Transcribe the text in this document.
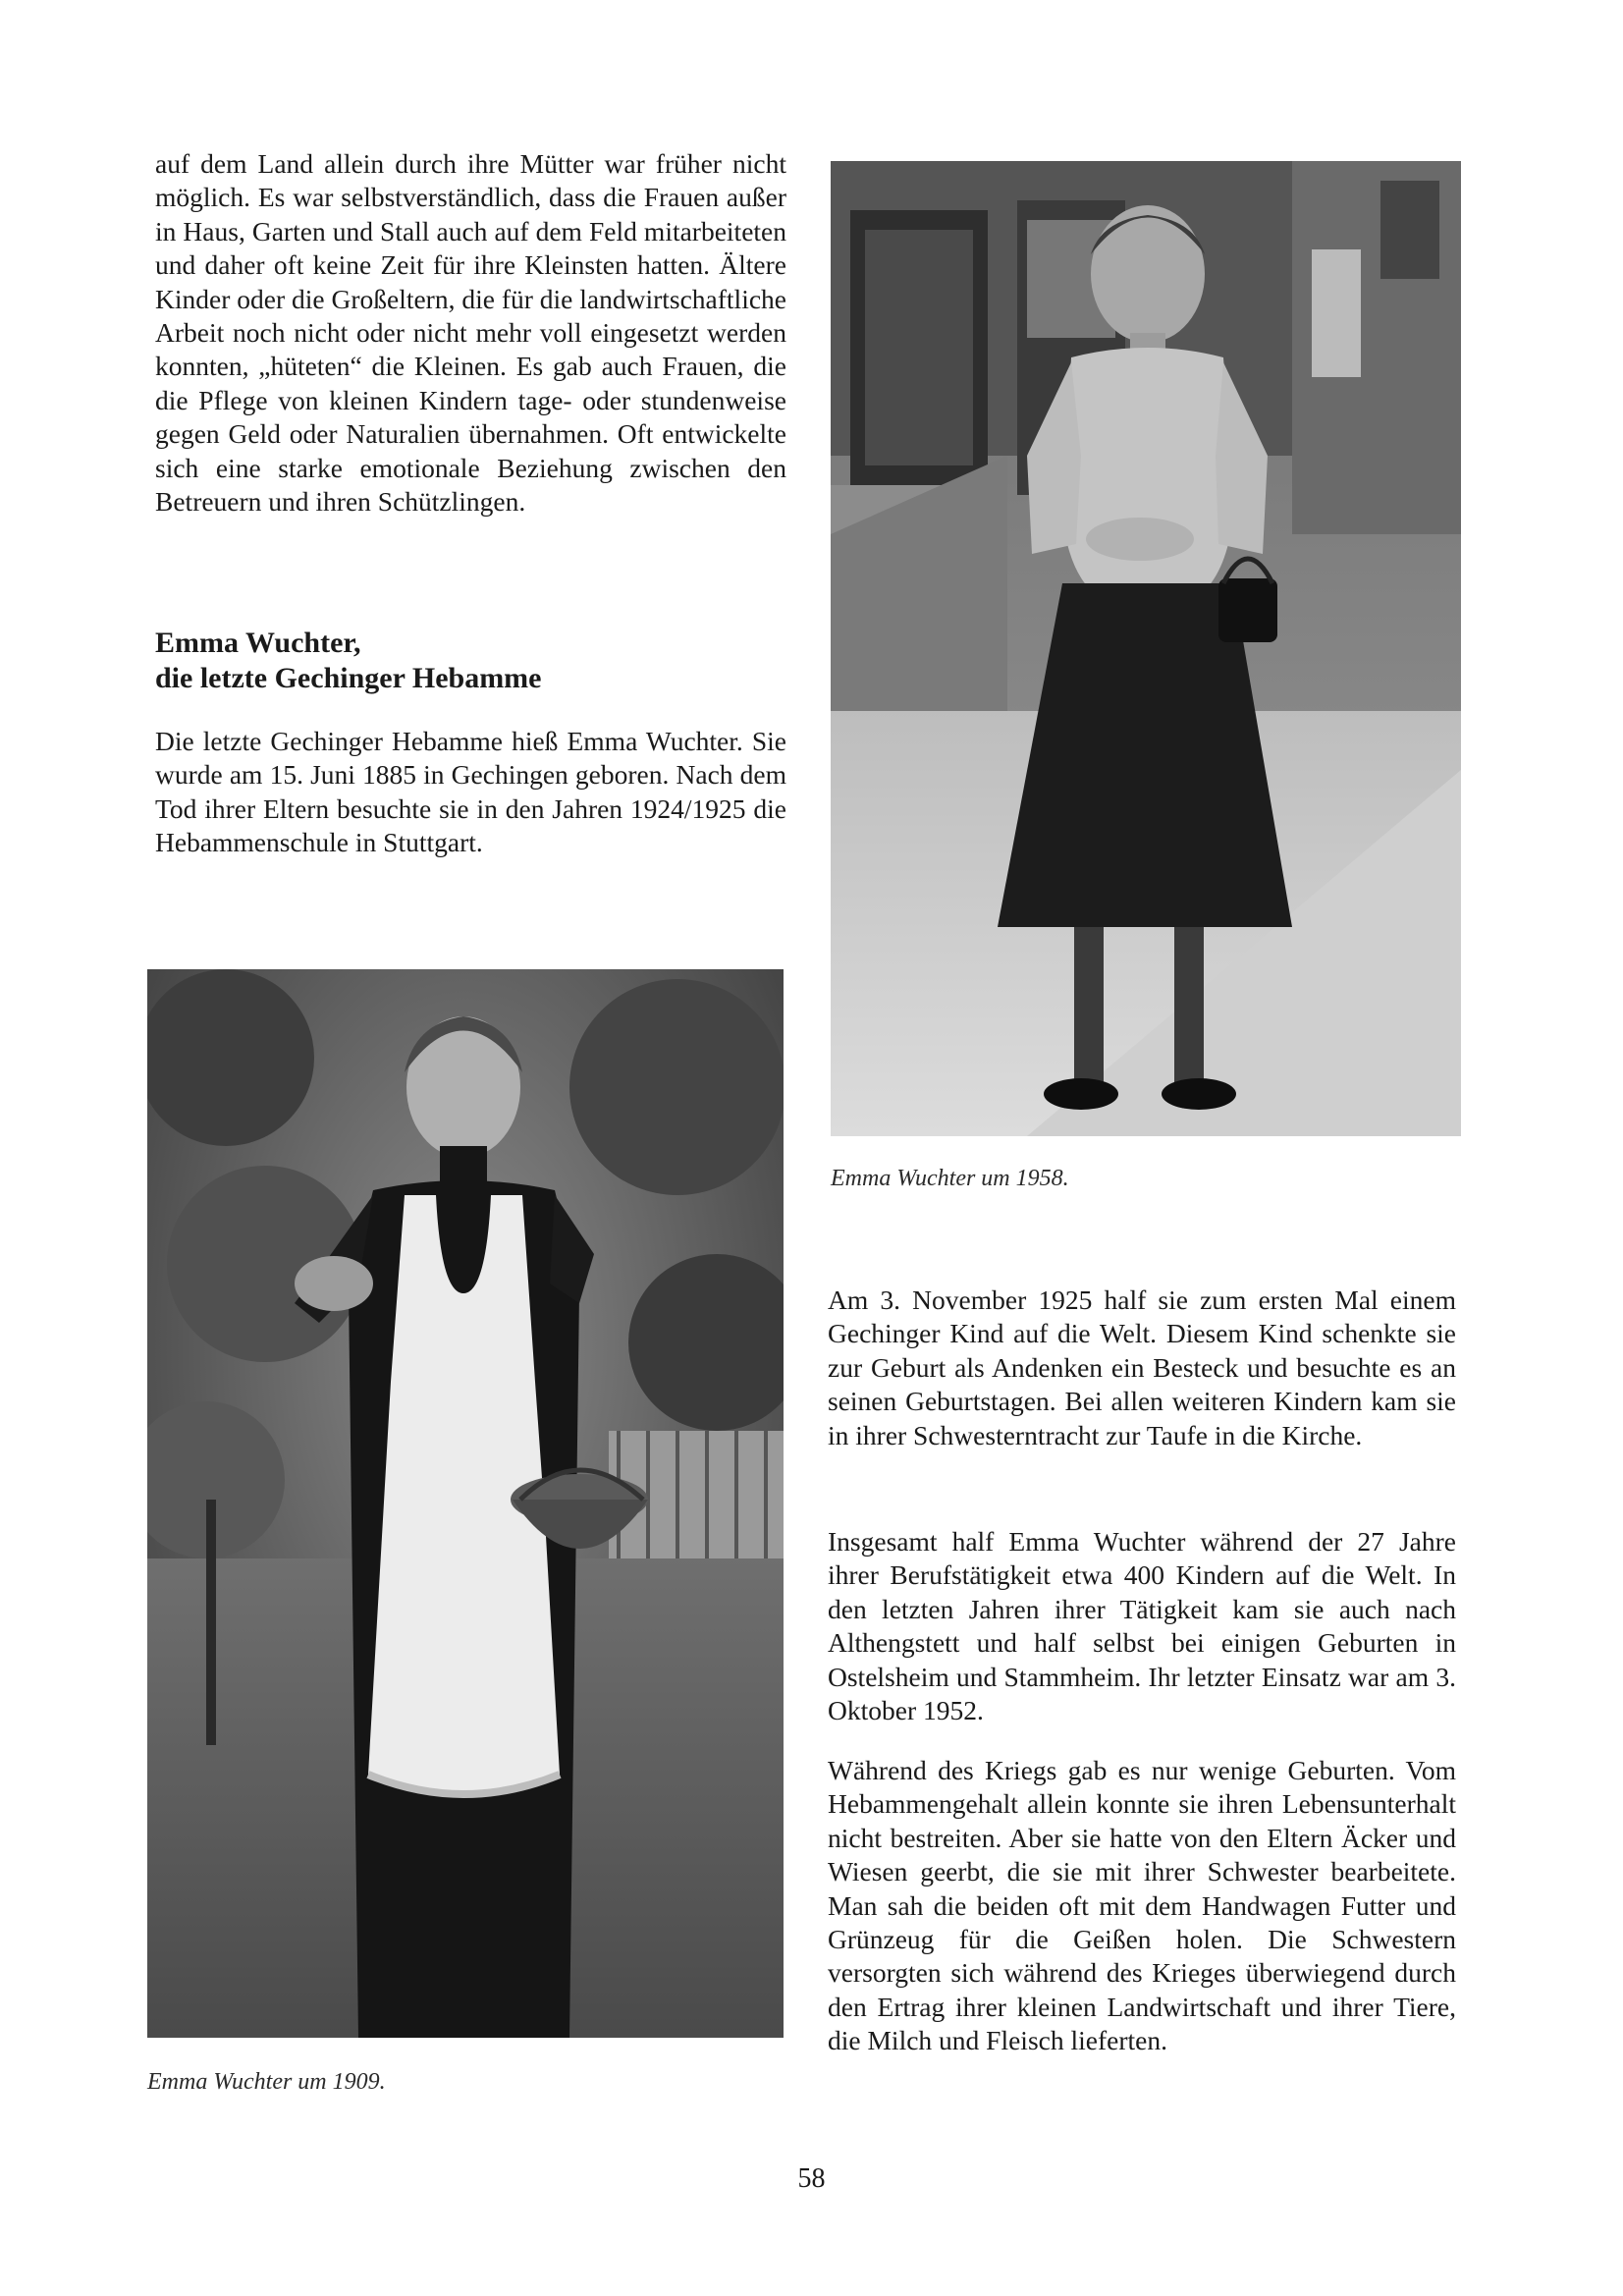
auf dem Land allein durch ihre Mütter war früher nicht möglich. Es war selbstverständlich, dass die Frauen außer in Haus, Garten und Stall auch auf dem Feld mitarbeiteten und daher oft keine Zeit für ihre Kleinsten hatten. Ältere Kinder oder die Großeltern, die für die landwirtschaftliche Arbeit noch nicht oder nicht mehr voll eingesetzt werden konnten, „hüteten“ die Kleinen. Es gab auch Frauen, die die Pflege von kleinen Kindern tage- oder stundenweise gegen Geld oder Naturalien übernahmen. Oft entwickelte sich eine starke emotionale Beziehung zwischen den Betreuern und ihren Schützlingen.

Emma Wuchter,
die letzte Gechinger Hebamme

Die letzte Gechinger Hebamme hieß Emma Wuchter. Sie wurde am 15. Juni 1885 in Gechingen geboren. Nach dem Tod ihrer Eltern besuchte sie in den Jahren 1924/1925 die Hebammenschule in Stuttgart.

Emma Wuchter um 1958.

Am 3. November 1925 half sie zum ersten Mal einem Gechinger Kind auf die Welt. Diesem Kind schenkte sie zur Geburt als Andenken ein Besteck und besuchte es an seinen Geburtstagen. Bei allen weiteren Kindern kam sie in ihrer Schwesterntracht zur Taufe in die Kirche.

Insgesamt half Emma Wuchter während der 27 Jahre ihrer Berufstätigkeit etwa 400 Kindern auf die Welt. In den letzten Jahren ihrer Tätigkeit kam sie auch nach Althengstett und half selbst bei einigen Geburten in Ostelsheim und Stammheim. Ihr letzter Einsatz war am 3. Oktober 1952.

Während des Kriegs gab es nur wenige Geburten. Vom Hebammengehalt allein konnte sie ihren Lebensunterhalt nicht bestreiten. Aber sie hatte von den Eltern Äcker und Wiesen geerbt, die sie mit ihrer Schwester bearbeitete. Man sah die beiden oft mit dem Handwagen Futter und Grünzeug für die Geißen holen. Die Schwestern versorgten sich während des Krieges überwiegend durch den Ertrag ihrer kleinen Landwirtschaft und ihrer Tiere, die Milch und Fleisch lieferten.

Emma Wuchter um 1909.
58
